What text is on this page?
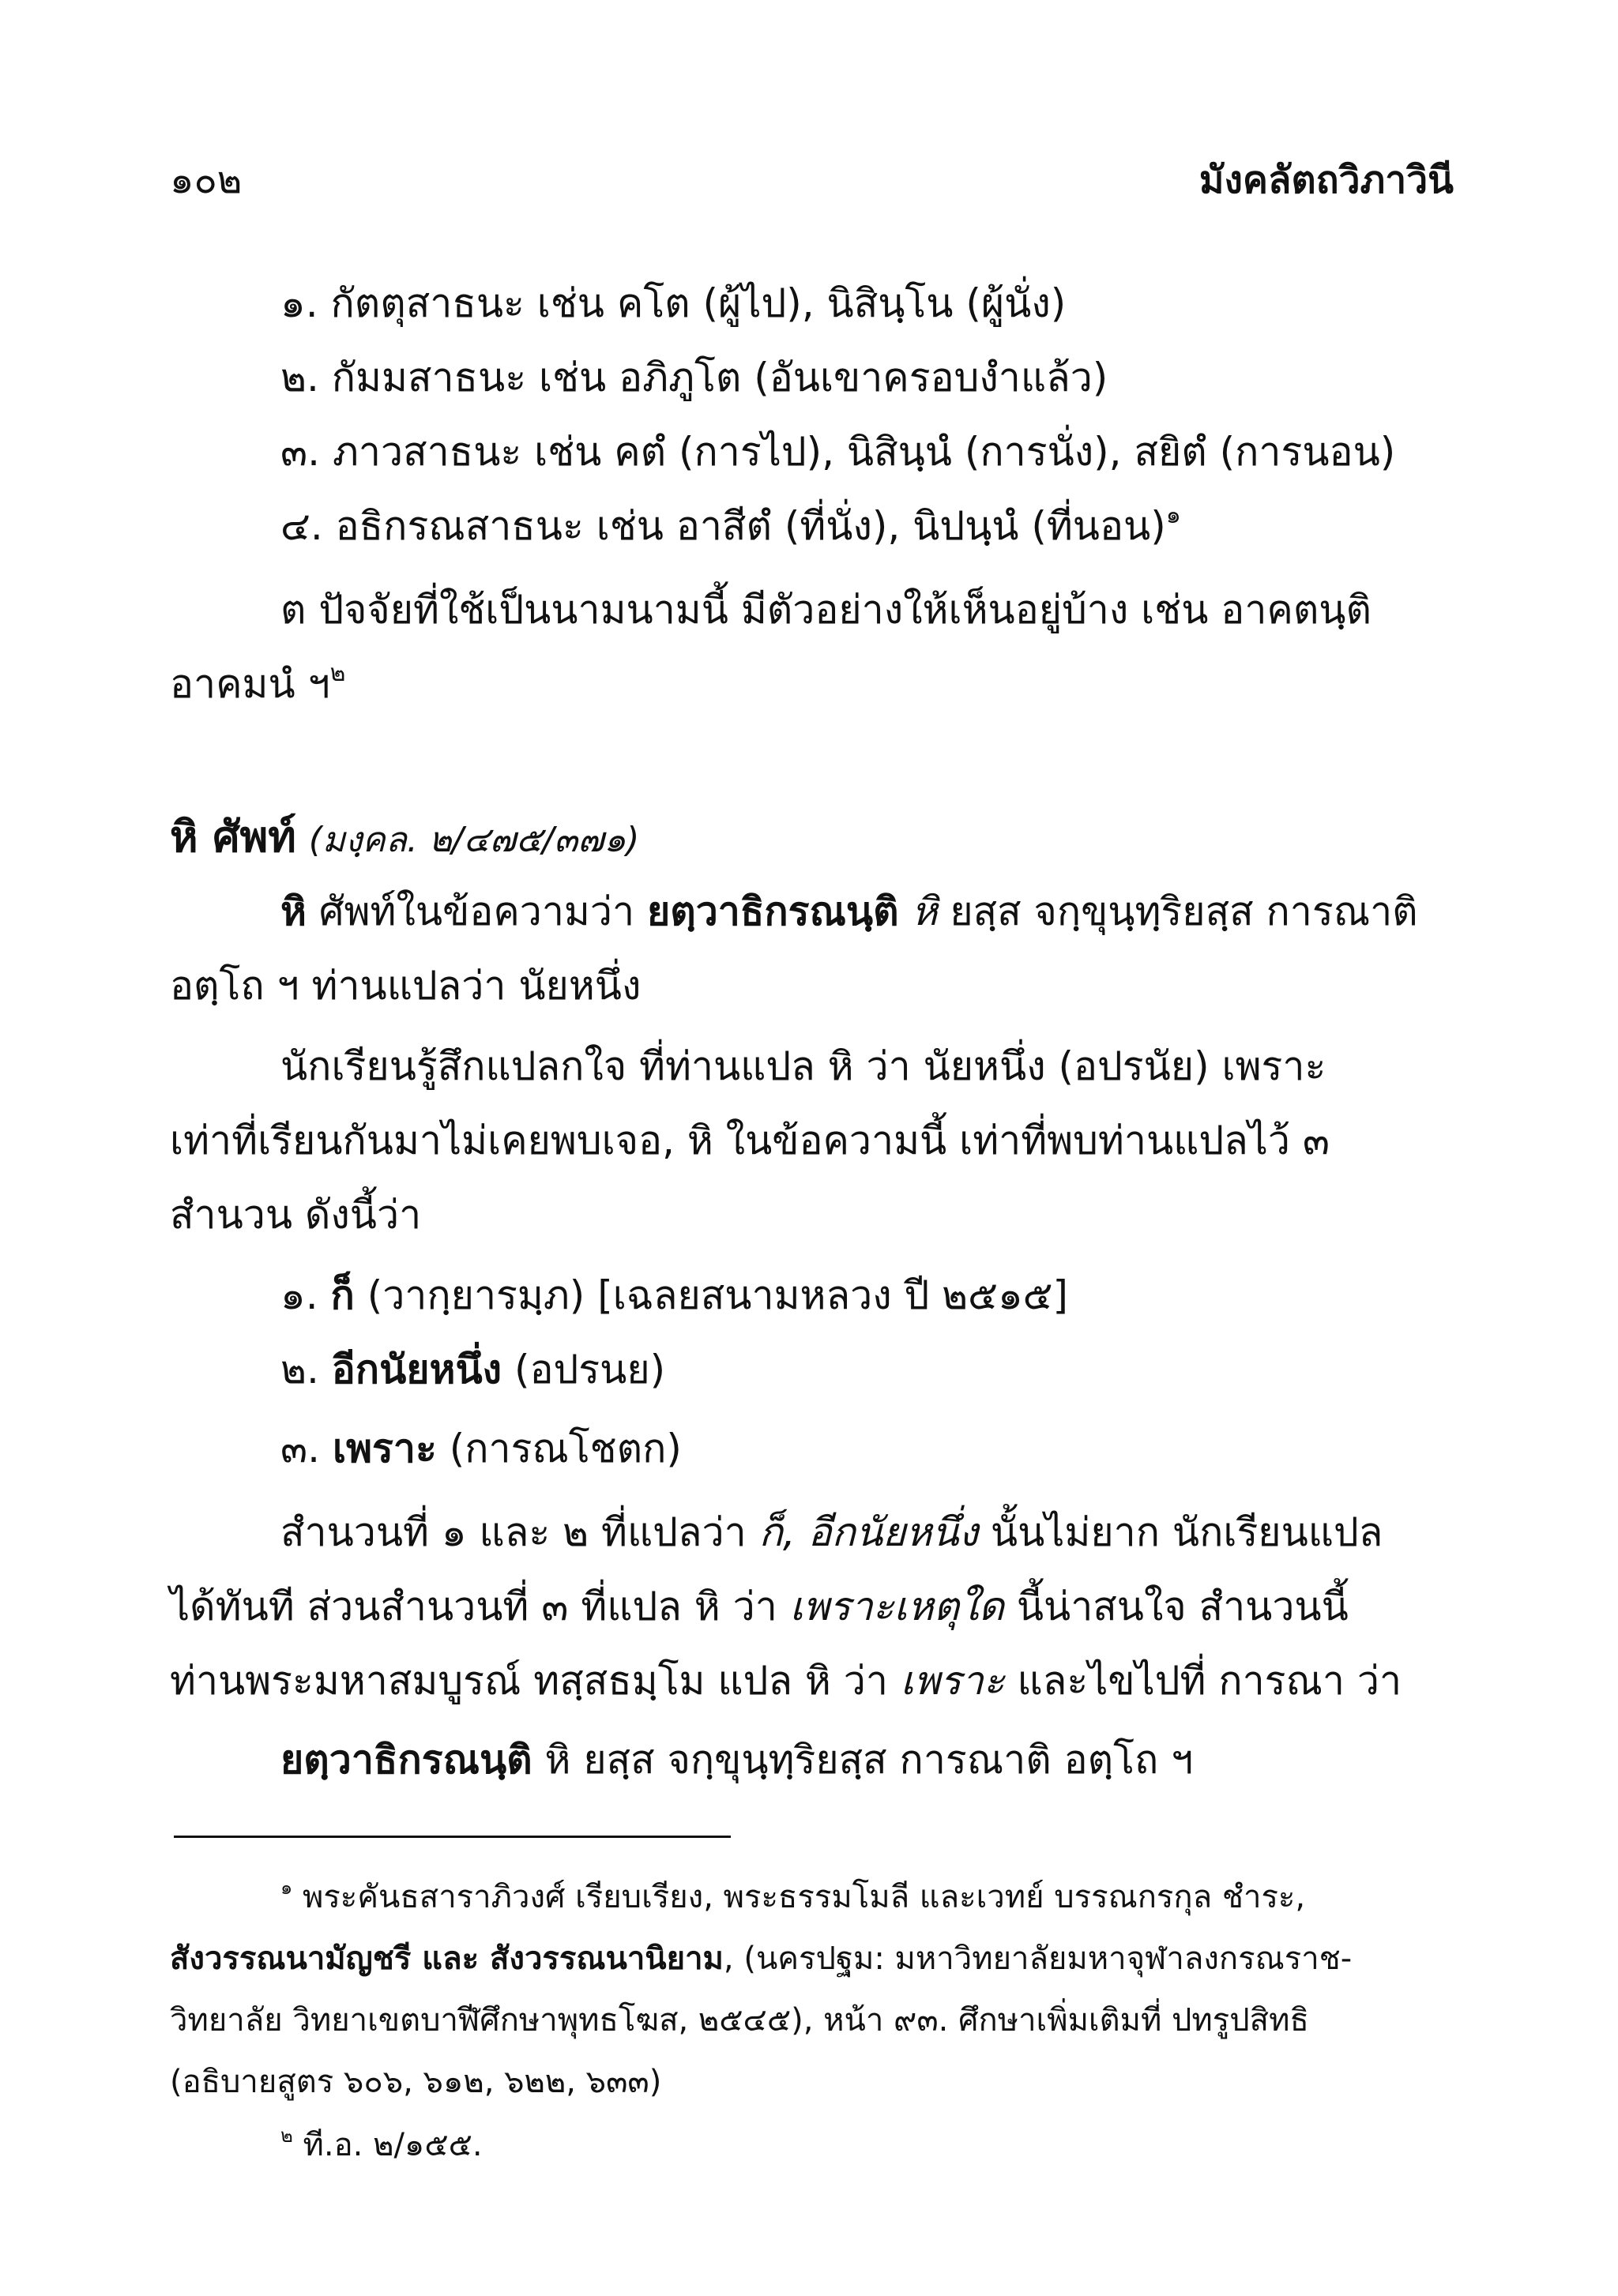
๑๐๒	มังคลัตถวิภาวินี
๑. กัตตุสาธนะ เช่น คโต (ผู้ไป), นิสินฺโน (ผู้นั่ง)
๒. กัมมสาธนะ เช่น อภิภูโต (อันเขาครอบงำแล้ว)
๓. ภาวสาธนะ เช่น คตํ (การไป), นิสินฺนํ (การนั่ง), สยิตํ (การนอน)
๔. อธิกรณสาธนะ เช่น อาสีตํ (ที่นั่ง), นิปนฺนํ (ที่นอน)$^๑$
ต ปัจจัยที่ใช้เป็นนามนามนี้ มีตัวอย่างให้เห็นอยู่บ้าง เช่น อาคตนฺติ
อาคมนํ ฯ$^๒$
หิ ศัพท์ (มงฺคล. ๒/๔๗๕/๓๗๑)
หิ ศัพท์ในข้อความว่า ยตฺวาธิกรณนฺติ หิ ยสฺส จกฺขุนฺทฺริยสฺส การณาติ
อตฺโถ ฯ ท่านแปลว่า นัยหนึ่ง
นักเรียนรู้สึกแปลกใจ ที่ท่านแปล หิ ว่า นัยหนึ่ง (อปรนัย) เพราะ
เท่าที่เรียนกันมาไม่เคยพบเจอ, หิ ในข้อความนี้ เท่าที่พบท่านแปลไว้ ๓
สำนวน ดังนี้ว่า
๑. ก็ (วากฺยารมฺภ) [เฉลยสนามหลวง ปี ๒๕๑๕]
๒. อีกนัยหนึ่ง (อปรนย)
๓. เพราะ (การณโชตก)
สำนวนที่ ๑ และ ๒ ที่แปลว่า ก็, อีกนัยหนึ่ง นั้นไม่ยาก นักเรียนแปล
ได้ทันที ส่วนสำนวนที่ ๓ ที่แปล หิ ว่า เพราะเหตุใด นี้น่าสนใจ สำนวนนี้
ท่านพระมหาสมบูรณ์ ทสฺสธมฺโม แปล หิ ว่า เพราะ และไขไปที่ การณา ว่า
ยตฺวาธิกรณนฺติ หิ ยสฺส จกฺขุนฺทฺริยสฺส การณาติ อตฺโถ ฯ
$^๑$ พระคันธสาราภิวงศ์ เรียบเรียง, พระธรรมโมลี และเวทย์ บรรณกรกุล ชำระ,
สังวรรณนามัญชรี และ สังวรรณนานิยาม, (นครปฐม: มหาวิทยาลัยมหาจุฬาลงกรณราช-
วิทยาลัย วิทยาเขตบาฬีศึกษาพุทธโฆส, ๒๕๔๕), หน้า ๙๓. ศึกษาเพิ่มเติมที่ ปทรูปสิทธิ
(อธิบายสูตร ๖๐๖, ๖๑๒, ๖๒๒, ๖๓๓)
$^๒$ ที.อ. ๒/๑๕๕.
